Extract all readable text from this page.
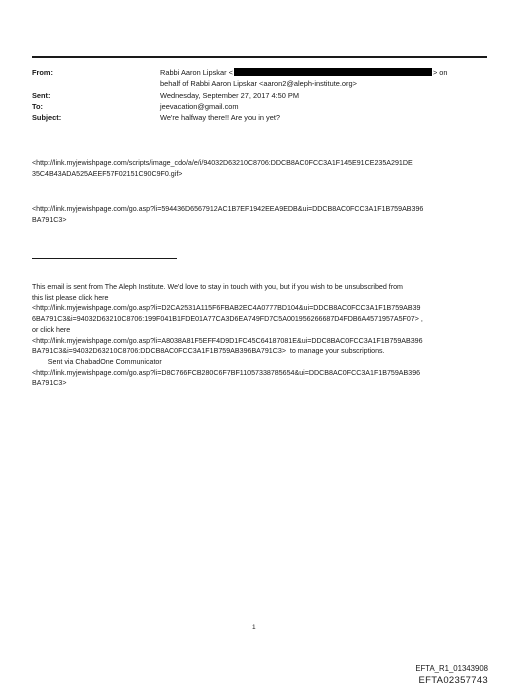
From:	Rabbi Aaron Lipskar <	> on
behalf of Rabbi Aaron Lipskar <aaron2@aleph-institute.org>
Sent:	Wednesday, September 27, 2017 4:50 PM
To:	jeevacation@gmail.com
Subject:	We're halfway there!! Are you in yet?
<http://link.myjewishpage.com/scripts/image_cdo/a/e/i/94032D63210C8706:DDCB8AC0FCC3A1F145E91CE235A291DE
35C4B43ADA525AEEF57F02151C90C9F0.gif>
<http://link.myjewishpage.com/go.asp?li=594436D6567912AC1B7EF1942EEA9EDB&ui=DDCB8AC0FCC3A1F1B759AB396
BA791C3>
This email is sent from The Aleph Institute. We'd love to stay in touch with you, but if you wish to be unsubscribed from
this list please click here
<http://link.myjewishpage.com/go.asp?li=D2CA2531A115F6FBAB2EC4A0777BD104&ui=DDCB8AC0FCC3A1F1B759AB39
6BA791C3&i=94032D63210C8706:199F041B1FDE01A77CA3D6EA749FD7C5A001956266687D4FDB6A4571957A5F07> ,
or click here
<http://link.myjewishpage.com/go.asp?li=A8038A81F5EFF4D9D1FC45C64187081E&ui=DDC8BAC0FCC3A1F1B759AB396
BA791C3&i=94032D63210C8706:DDCB8AC0FCC3A1F1B759AB396BA791C3>  to manage your subscriptions.
Sent via ChabadOne Communicator
<http://link.myjewishpage.com/go.asp?li=D8C766FCB280C6F7BF11057338785654&ui=DDCB8AC0FCC3A1F1B759AB396
BA791C3>
1
EFTA_R1_01343908
EFTA02357743
